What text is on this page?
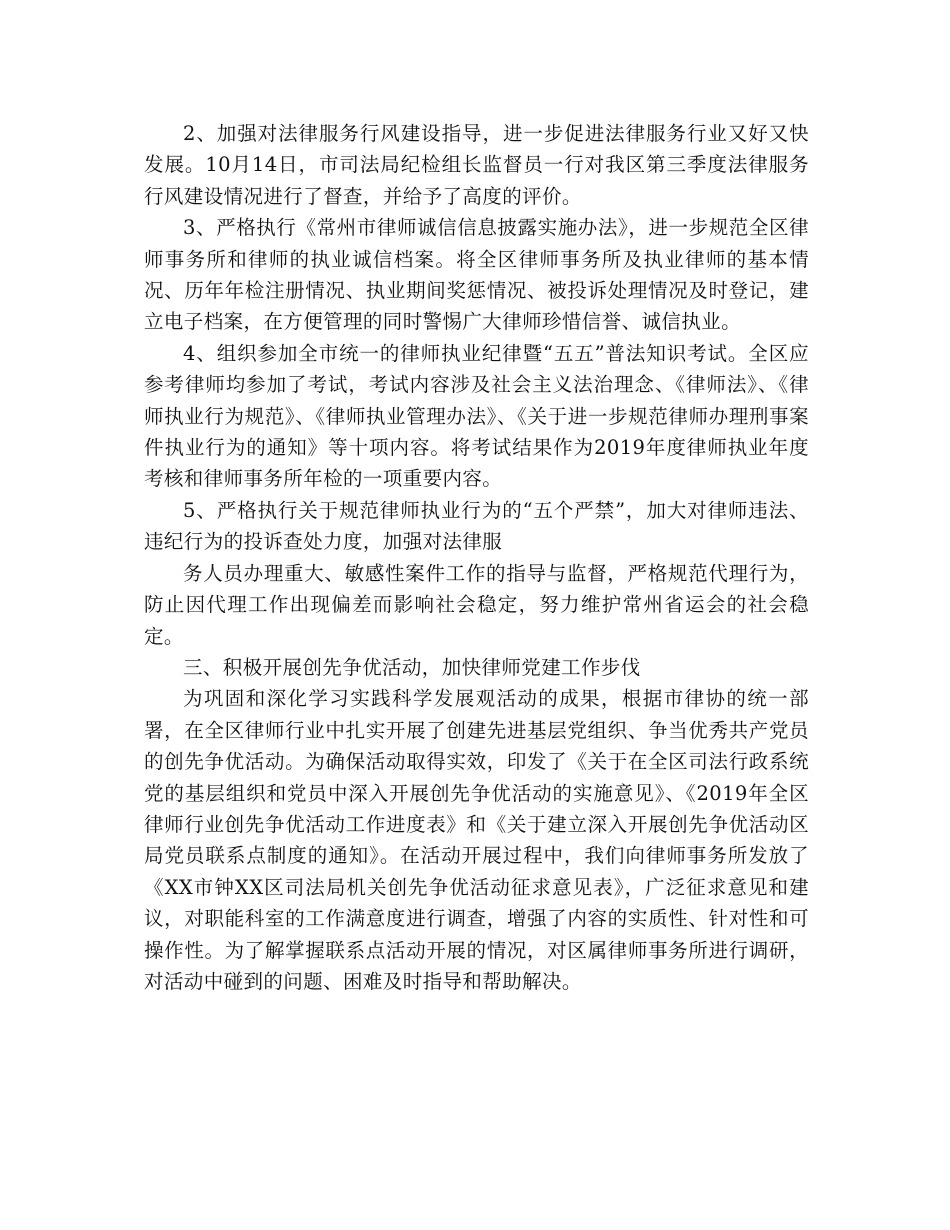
2、加强对法律服务行风建设指导，进一步促进法律服务行业又好又快发展。10月14日，市司法局纪检组长监督员一行对我区第三季度法律服务行风建设情况进行了督查，并给予了高度的评价。

3、严格执行《常州市律师诚信信息披露实施办法》，进一步规范全区律师事务所和律师的执业诚信档案。将全区律师事务所及执业律师的基本情况、历年年检注册情况、执业期间奖惩情况、被投诉处理情况及时登记，建立电子档案，在方便管理的同时警惕广大律师珍惜信誉、诚信执业。

4、组织参加全市统一的律师执业纪律暨“五五”普法知识考试。全区应参考律师均参加了考试，考试内容涉及社会主义法治理念、《律师法》、《律师执业行为规范》、《律师执业管理办法》、《关于进一步规范律师办理刑事案件执业行为的通知》等十项内容。将考试结果作为2019年度律师执业年度考核和律师事务所年检的一项重要内容。

5、严格执行关于规范律师执业行为的“五个严禁”，加大对律师违法、违纪行为的投诉查处力度，加强对法律服

务人员办理重大、敏感性案件工作的指导与监督，严格规范代理行为，防止因代理工作出现偏差而影响社会稳定，努力维护常州省运会的社会稳定。

三、积极开展创先争优活动，加快律师党建工作步伐

为巩固和深化学习实践科学发展观活动的成果，根据市律协的统一部署，在全区律师行业中扎实开展了创建先进基层党组织、争当优秀共产党员的创先争优活动。为确保活动取得实效，印发了《关于在全区司法行政系统党的基层组织和党员中深入开展创先争优活动的实施意见》、《2019年全区律师行业创先争优活动工作进度表》和《关于建立深入开展创先争优活动区局党员联系点制度的通知》。在活动开展过程中，我们向律师事务所发放了《XX市钟XX区司法局机关创先争优活动征求意见表》，广泛征求意见和建议，对职能科室的工作满意度进行调查，增强了内容的实质性、针对性和可操作性。为了解掌握联系点活动开展的情况，对区属律师事务所进行调研，对活动中碰到的问题、困难及时指导和帮助解决。
